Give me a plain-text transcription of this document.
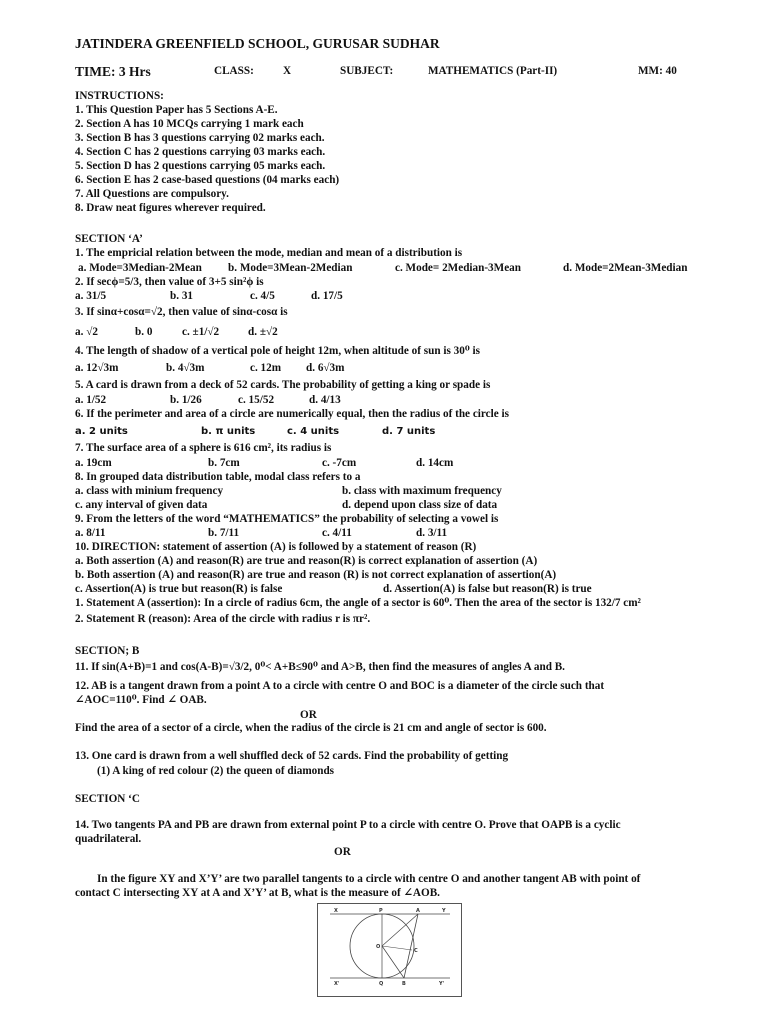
JATINDERA GREENFIELD SCHOOL, GURUSAR SUDHAR
TIME: 3 Hrs	CLASS:	X	SUBJECT:	MATHEMATICS (Part-II)	MM: 40
INSTRUCTIONS:
1. This Question Paper has 5 Sections A-E.
2. Section A has 10 MCQs carrying 1 mark each
3. Section B has 3 questions carrying 02 marks each.
4. Section C has 2 questions carrying 03 marks each.
5. Section D has 2 questions carrying 05 marks each.
6. Section E has 2 case-based questions (04 marks each)
7. All Questions are compulsory.
8. Draw neat figures wherever required.
SECTION ‘A’
1. The empricial relation between the mode, median and mean of a distribution is
a. Mode=3Median-2Mean b. Mode=3Mean-2Median	c. Mode= 2Median-3Mean	d. Mode=2Mean-3Median
2. If secϕ=5/3, then value of 3+5 sin²ϕ is
a. 31/5	b. 31	c. 4/5	d. 17/5
3. If sinα+cosα=√2, then value of sinα-cosα is
a. √2	b. 0	c. ±1/√2	d. ±√2
4. The length of shadow of a vertical pole of height 12m, when altitude of sun is 30⁰ is
a. 12√3m	b. 4√3m	c. 12m d. 6√3m
5. A card is drawn from a deck of 52 cards. The probability of getting a king or spade is
a. 1/52	b. 1/26	c. 15/52	d. 4/13
6. If the perimeter and area of a circle are numerically equal, then the radius of the circle is
a. 2 units	b. π units	c. 4 units	d. 7 units
7. The surface area of a sphere is 616 cm², its radius is
a. 19cm	b. 7cm	c. -7cm	d. 14cm
8. In grouped data distribution table, modal class refers to a
a. class with minium frequency	b. class with maximum frequency
c. any interval of given data	d. depend upon class size of data
9. From the letters of the word “MATHEMATICS” the probability of selecting a vowel is
a. 8/11	b. 7/11	c. 4/11	d. 3/11
10. DIRECTION: statement of assertion (A) is followed by a statement of reason (R)
a. Both assertion (A) and reason(R) are true and reason(R) is correct explanation of assertion (A)
b. Both assertion (A) and reason(R) are true and reason (R) is not correct explanation of assertion(A)
c. Assertion(A) is true but reason(R) is false	d. Assertion(A) is false but reason(R) is true
1. Statement A (assertion): In a circle of radius 6cm, the angle of a sector is 60⁰. Then the area of the sector is 132/7 cm²
2. Statement R (reason): Area of the circle with radius r is πr².
SECTION; B
11. If sin(A+B)=1 and cos(A-B)=√3/2, 0⁰< A+B≤90⁰ and A>B, then find the measures of angles A and B.
12. AB is a tangent drawn from a point A to a circle with centre O and BOC is a diameter of the circle such that
∠AOC=110⁰. Find ∠ OAB.
OR
Find the area of a sector of a circle, when the radius of the circle is 21 cm and angle of sector is 600.
13. One card is drawn from a well shuffled deck of 52 cards. Find the probability of getting
(1) A king of red colour (2) the queen of diamonds
SECTION ‘C
14. Two tangents PA and PB are drawn from external point P to a circle with centre O. Prove that OAPB is a cyclic
quadrilateral.
OR
In the figure XY and X’Y’ are two parallel tangents to a circle with centre O and another tangent AB with point of
contact C intersecting XY at A and X’Y’ at B, what is the measure of ∠AOB.
X	P	A	Y
O
C
X'	Q	B	Y'
